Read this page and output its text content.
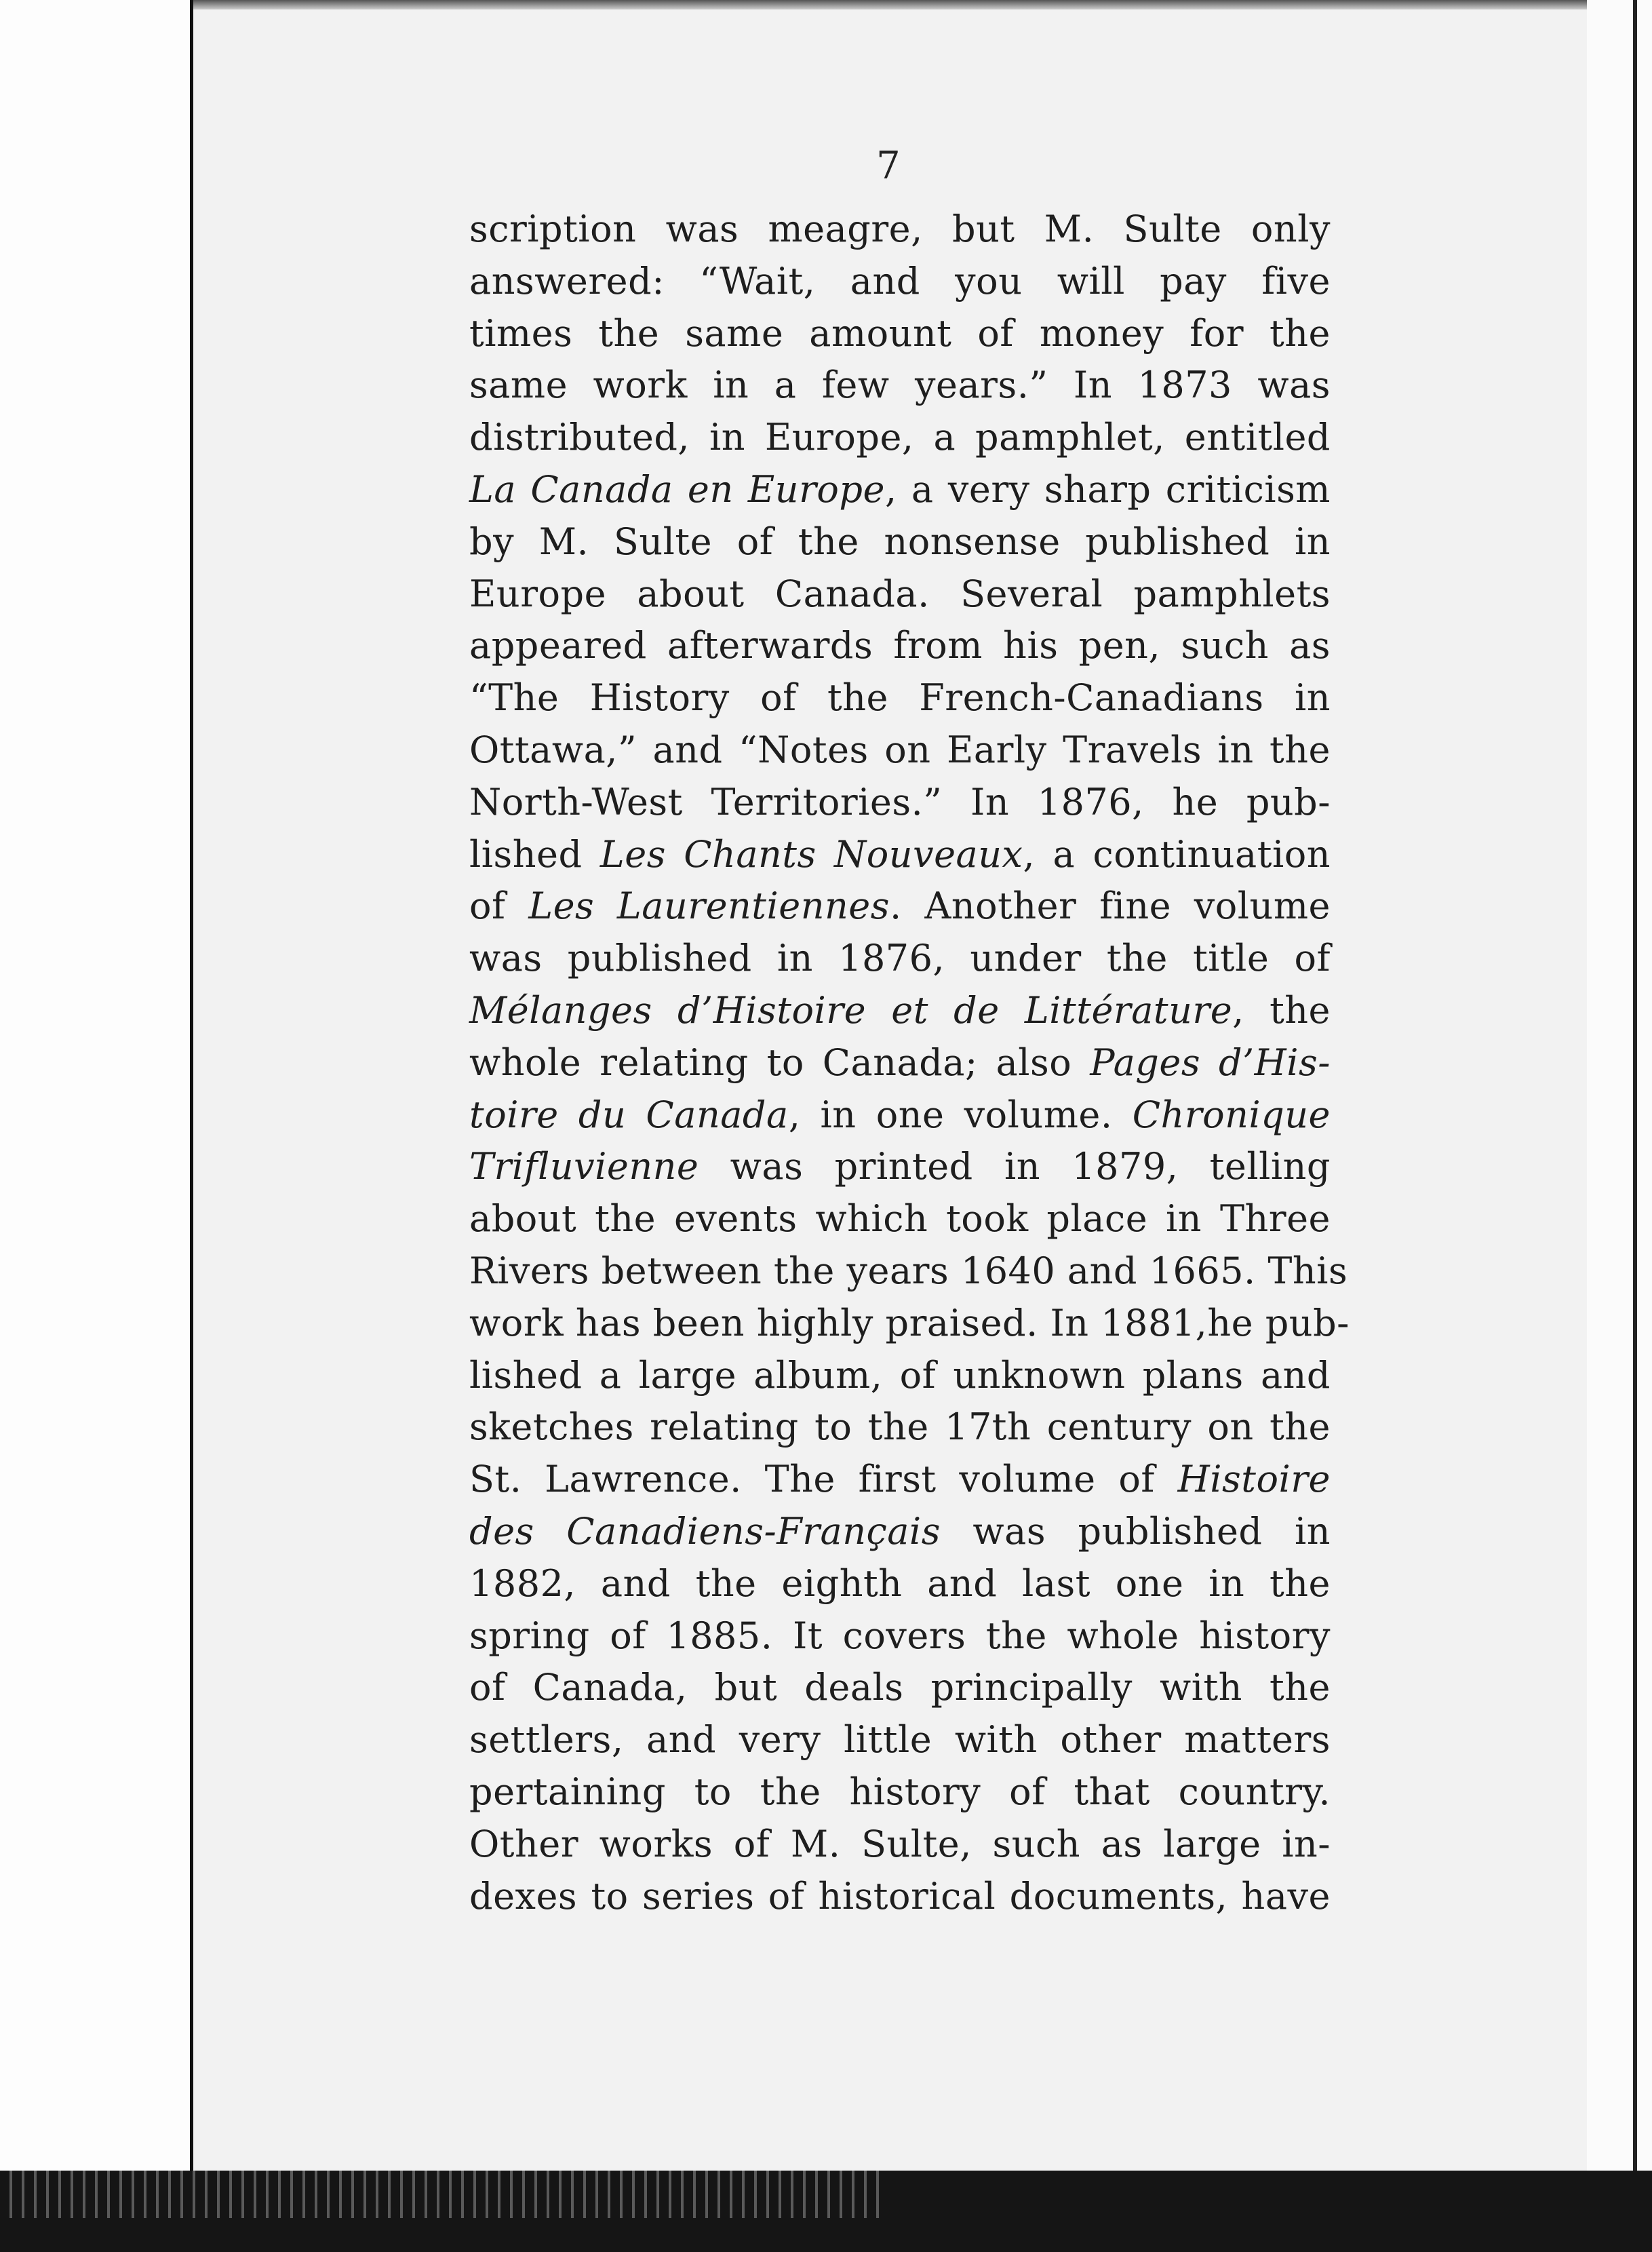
7
scription was meagre, but M. Sulte only
answered: “Wait, and you will pay five
times the same amount of money for the
same work in a few years.” In 1873 was
distributed, in Europe, a pamphlet, entitled
La Canada en Europe, a very sharp criticism
by M. Sulte of the nonsense published in
Europe about Canada. Several pamphlets
appeared afterwards from his pen, such as
“The History of the French-Canadians in
Ottawa,” and “Notes on Early Travels in the
North-West Territories.” In 1876, he pub-
lished Les Chants Nouveaux, a continuation
of Les Laurentiennes. Another fine volume
was published in 1876, under the title of
Mélanges d’Histoire et de Littérature, the
whole relating to Canada; also Pages d’His-
toire du Canada, in one volume. Chronique
Trifluvienne was printed in 1879, telling
about the events which took place in Three
Rivers between the years 1640 and 1665. This
work has been highly praised. In 1881,he pub-
lished a large album, of unknown plans and
sketches relating to the 17th century on the
St. Lawrence. The first volume of Histoire
des Canadiens-Français was published in
1882, and the eighth and last one in the
spring of 1885. It covers the whole history
of Canada, but deals principally with the
settlers, and very little with other matters
pertaining to the history of that country.
Other works of M. Sulte, such as large in-
dexes to series of historical documents, have
